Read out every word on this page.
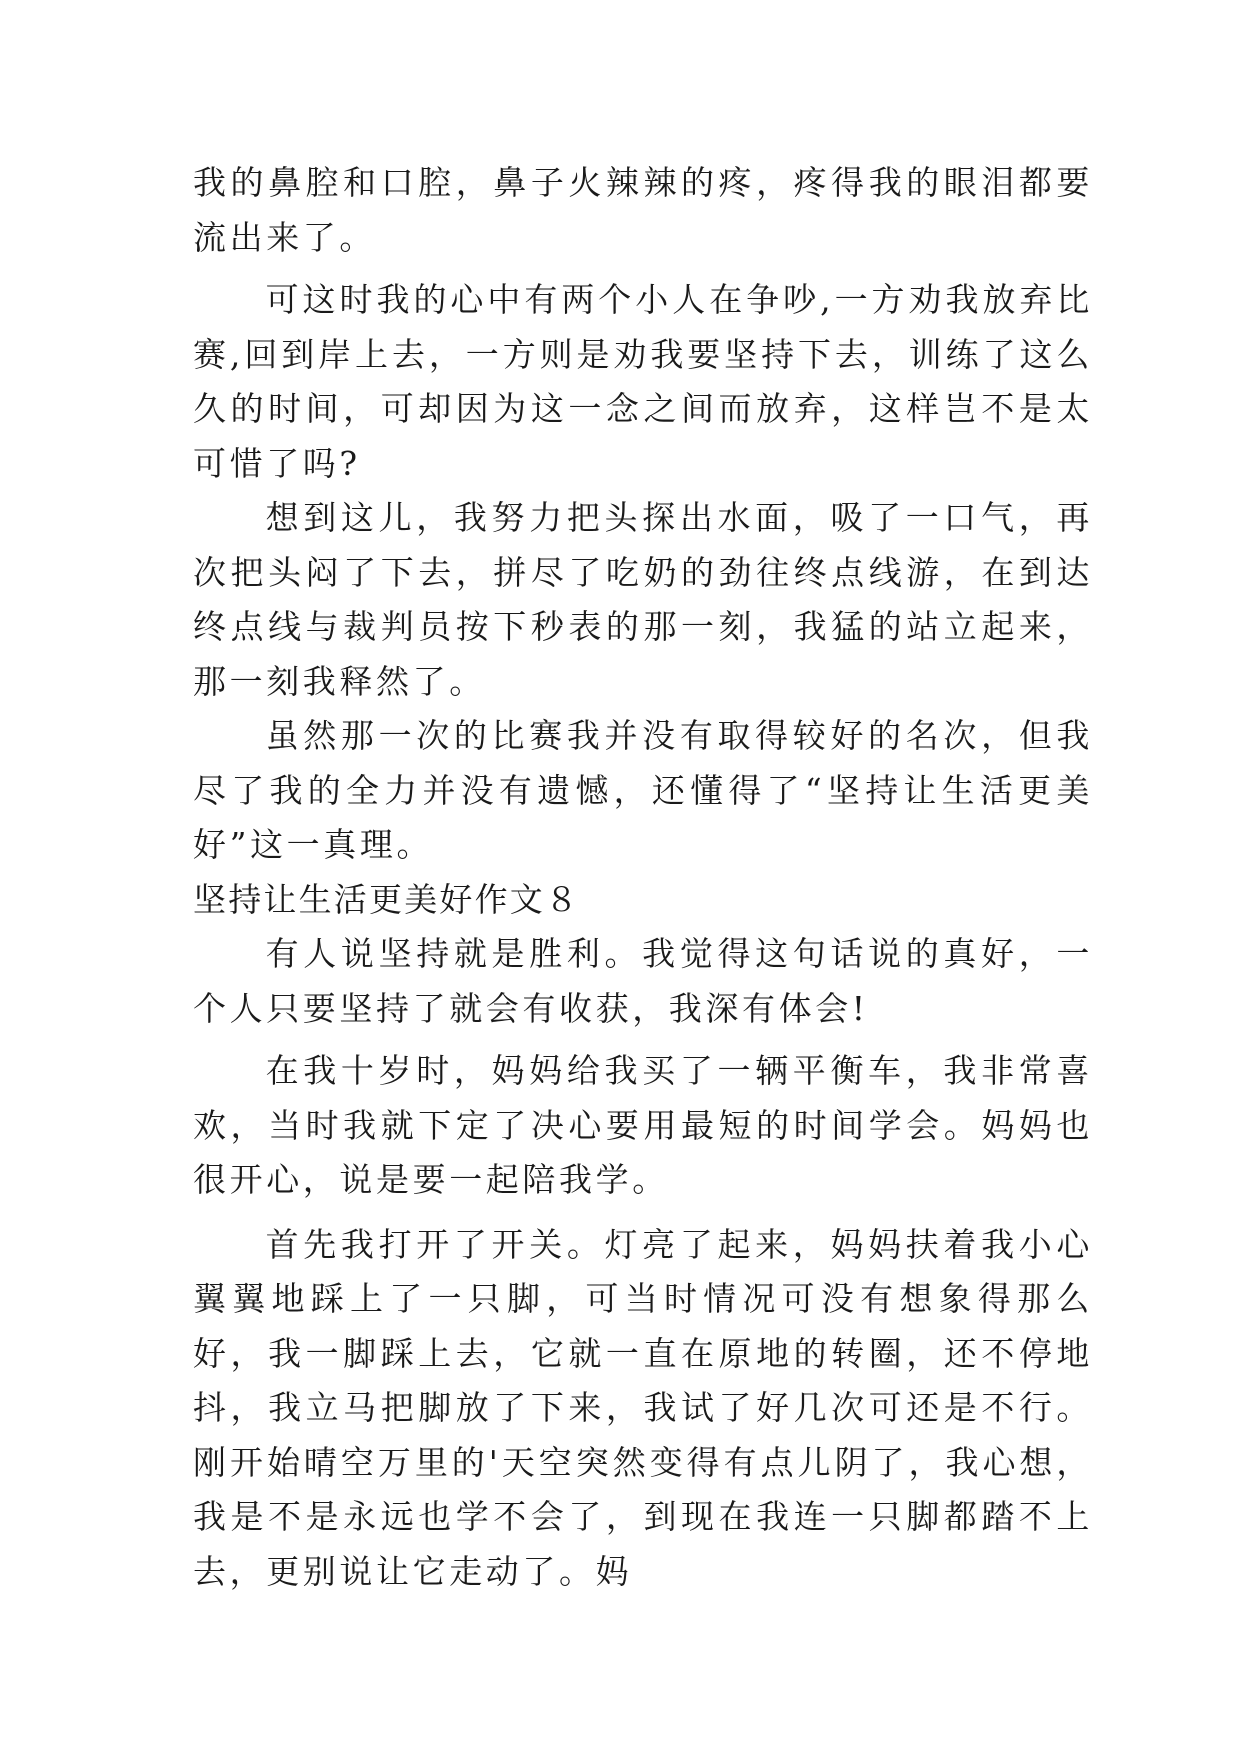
我的鼻腔和口腔，鼻子火辣辣的疼，疼得我的眼泪都要流出来了。

可这时我的心中有两个小人在争吵,一方劝我放弃比赛,回到岸上去，一方则是劝我要坚持下去，训练了这么久的时间，可却因为这一念之间而放弃，这样岂不是太可惜了吗?

想到这儿，我努力把头探出水面，吸了一口气，再次把头闷了下去，拼尽了吃奶的劲往终点线游，在到达终点线与裁判员按下秒表的那一刻，我猛的站立起来，那一刻我释然了。

虽然那一次的比赛我并没有取得较好的名次，但我尽了我的全力并没有遗憾，还懂得了“坚持让生活更美好”这一真理。

坚持让生活更美好作文８

有人说坚持就是胜利。我觉得这句话说的真好，一个人只要坚持了就会有收获，我深有体会!

在我十岁时，妈妈给我买了一辆平衡车，我非常喜欢，当时我就下定了决心要用最短的时间学会。妈妈也很开心，说是要一起陪我学。

首先我打开了开关。灯亮了起来，妈妈扶着我小心翼翼地踩上了一只脚，可当时情况可没有想象得那么好，我一脚踩上去，它就一直在原地的转圈，还不停地抖，我立马把脚放了下来，我试了好几次可还是不行。刚开始晴空万里的'天空突然变得有点儿阴了，我心想，我是不是永远也学不会了，到现在我连一只脚都踏不上去，更别说让它走动了。妈
